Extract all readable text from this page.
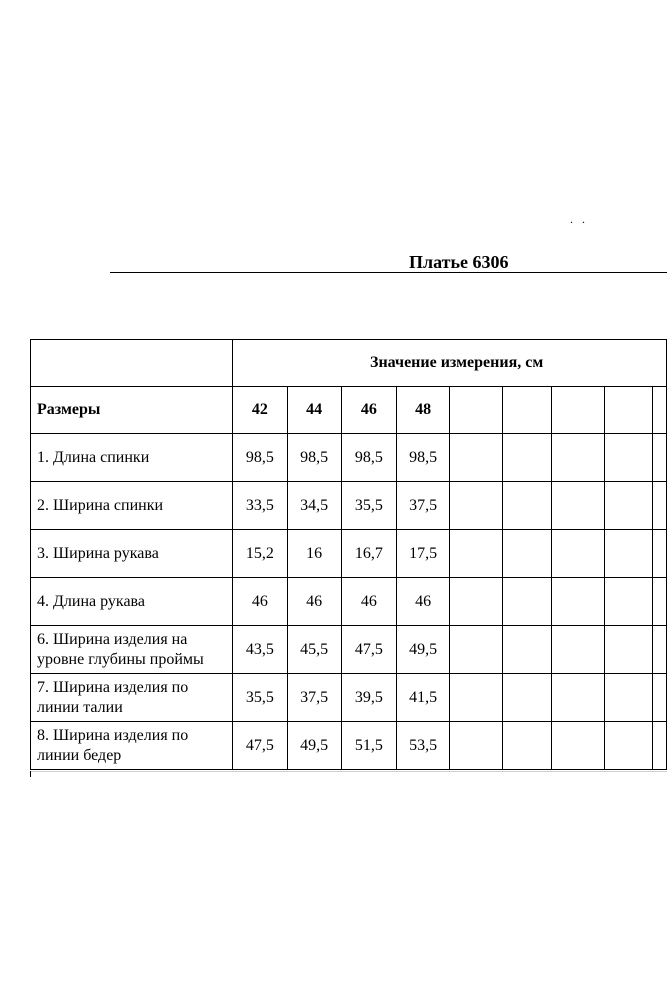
. .
Платье 6306
	Значение измерения, см								
Размеры	42	44	46	48					

1. Длина спинки	98,5	98,5	98,5	98,5					

2. Ширина спинки	33,5	34,5	35,5	37,5					

3. Ширина рукава	15,2	16	16,7	17,5					

4. Длина рукава	46	46	46	46					

6. Ширина изделия на
уровне глубины проймы	43,5	45,5	47,5	49,5					

7. Ширина изделия по
линии талии	35,5	37,5	39,5	41,5					

8. Ширина изделия по
линии бедер	47,5	49,5	51,5	53,5					
